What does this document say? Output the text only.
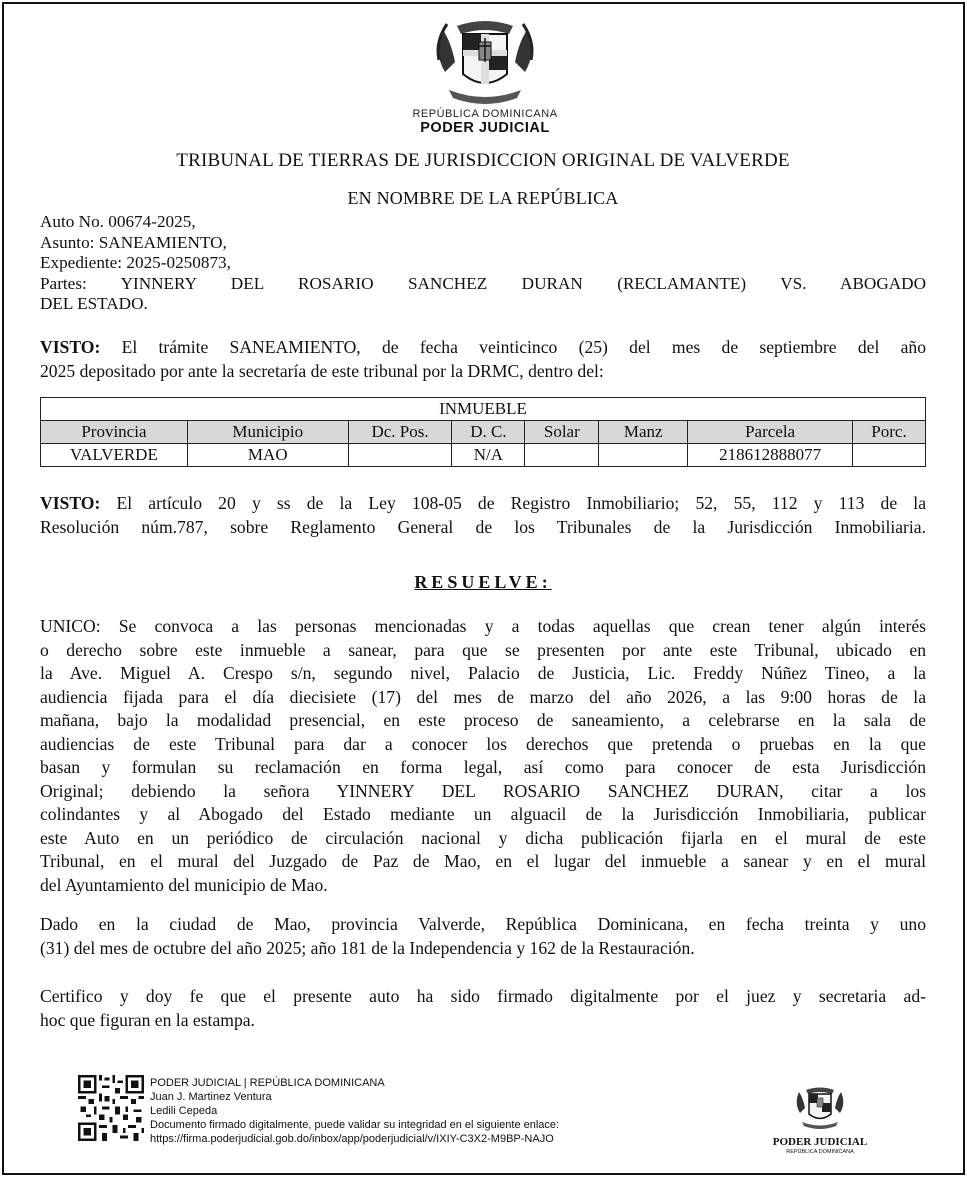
REPÚBLICA DOMINICANA
PODER JUDICIAL
TRIBUNAL DE TIERRAS DE JURISDICCION ORIGINAL DE VALVERDE
EN NOMBRE DE LA REPÚBLICA
Auto No. 00674-2025,
Asunto: SANEAMIENTO,
Expediente: 2025-0250873,
Partes: YINNERY DEL ROSARIO SANCHEZ DURAN (RECLAMANTE) VS. ABOGADO
DEL ESTADO.
VISTO: El trámite SANEAMIENTO, de fecha veinticinco (25) del mes de septiembre del año
2025 depositado por ante la secretaría de este tribunal por la DRMC, dentro del:
INMUEBLE							
Provincia	Municipio	Dc. Pos.	D. C.	Solar	Manz	Parcela	Porc.
VALVERDE	MAO		N/A			218612888077	
VISTO: El artículo 20 y ss de la Ley 108-05 de Registro Inmobiliario; 52, 55, 112 y 113 de la
Resolución núm.787, sobre Reglamento General de los Tribunales de la Jurisdicción Inmobiliaria.
RESUELVE:
UNICO: Se convoca a las personas mencionadas y a todas aquellas que crean tener algún interés
o derecho sobre este inmueble a sanear, para que se presenten por ante este Tribunal, ubicado en
la Ave. Miguel A. Crespo s/n, segundo nivel, Palacio de Justicia, Lic. Freddy Núñez Tineo, a la
audiencia fijada para el día diecisiete (17) del mes de marzo del año 2026, a las 9:00 horas de la
mañana, bajo la modalidad presencial, en este proceso de saneamiento, a celebrarse en la sala de
audiencias de este Tribunal para dar a conocer los derechos que pretenda o pruebas en la que
basan y formulan su reclamación en forma legal, así como para conocer de esta Jurisdicción
Original; debiendo la señora YINNERY DEL ROSARIO SANCHEZ DURAN, citar a los
colindantes y al Abogado del Estado mediante un alguacil de la Jurisdicción Inmobiliaria, publicar
este Auto en un periódico de circulación nacional y dicha publicación fijarla en el mural de este
Tribunal, en el mural del Juzgado de Paz de Mao, en el lugar del inmueble a sanear y en el mural
del Ayuntamiento del municipio de Mao.
Dado en la ciudad de Mao, provincia Valverde, República Dominicana, en fecha treinta y uno
(31) del mes de octubre del año 2025; año 181 de la Independencia y 162 de la Restauración.
Certifico y doy fe que el presente auto ha sido firmado digitalmente por el juez y secretaria ad-
hoc que figuran en la estampa.
PODER JUDICIAL | REPÚBLICA DOMINICANA
Juan J. Martinez Ventura
Ledili Cepeda
Documento firmado digitalmente, puede validar su integridad en el siguiente enlace:
https://firma.poderjudicial.gob.do/inbox/app/poderjudicial/v/IXIY-C3X2-M9BP-NAJO	PODER JUDICIAL
REPÚBLICA DOMINICANA
